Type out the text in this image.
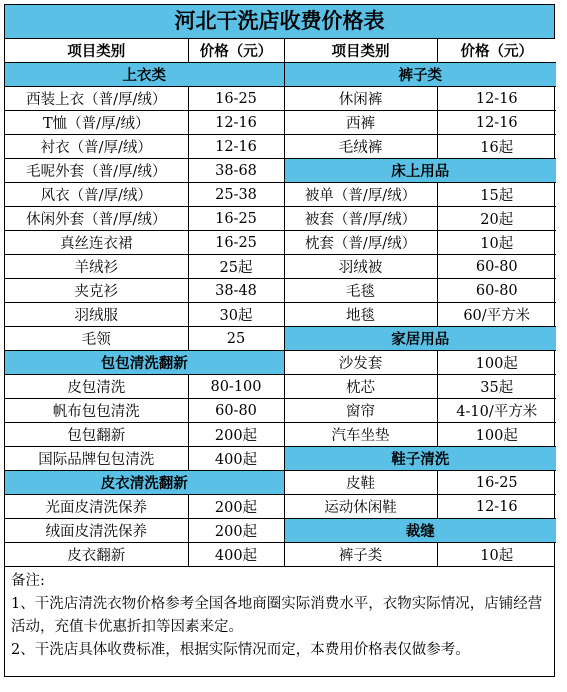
河北干洗店收费价格表
项目类别	价格（元）	项目类别	价格（元）
上衣类		裤子类	
西装上衣（普/厚/绒）	16-25	休闲裤	12-16
T恤（普/厚/绒）	12-16	西裤	12-16
衬衣（普/厚/绒）	12-16	毛绒裤	16起
毛呢外套（普/厚/绒）	38-68	床上用品	
风衣（普/厚/绒）	25-38	被单（普/厚/绒）	15起
休闲外套（普/厚/绒）	16-25	被套（普/厚/绒）	20起
真丝连衣裙	16-25	枕套（普/厚/绒）	10起
羊绒衫	25起	羽绒被	60-80
夹克衫	38-48	毛毯	60-80
羽绒服	30起	地毯	60/平方米
毛领	25	家居用品	
包包清洗翻新		沙发套	100起
皮包清洗	80-100	枕芯	35起
帆布包包清洗	60-80	窗帘	4-10/平方米
包包翻新	200起	汽车坐垫	100起
国际品牌包包清洗	400起	鞋子清洗	
皮衣清洗翻新		皮鞋	16-25
光面皮清洗保养	200起	运动休闲鞋	12-16
绒面皮清洗保养	200起	裁缝	
皮衣翻新	400起	裤子类	10起
备注:
1、干洗店清洗衣物价格参考全国各地商圈实际消费水平，衣物实际情况，店铺经营活动，充值卡优惠折扣等因素来定。
2、干洗店具体收费标准，根据实际情况而定，本费用价格表仅做参考。
